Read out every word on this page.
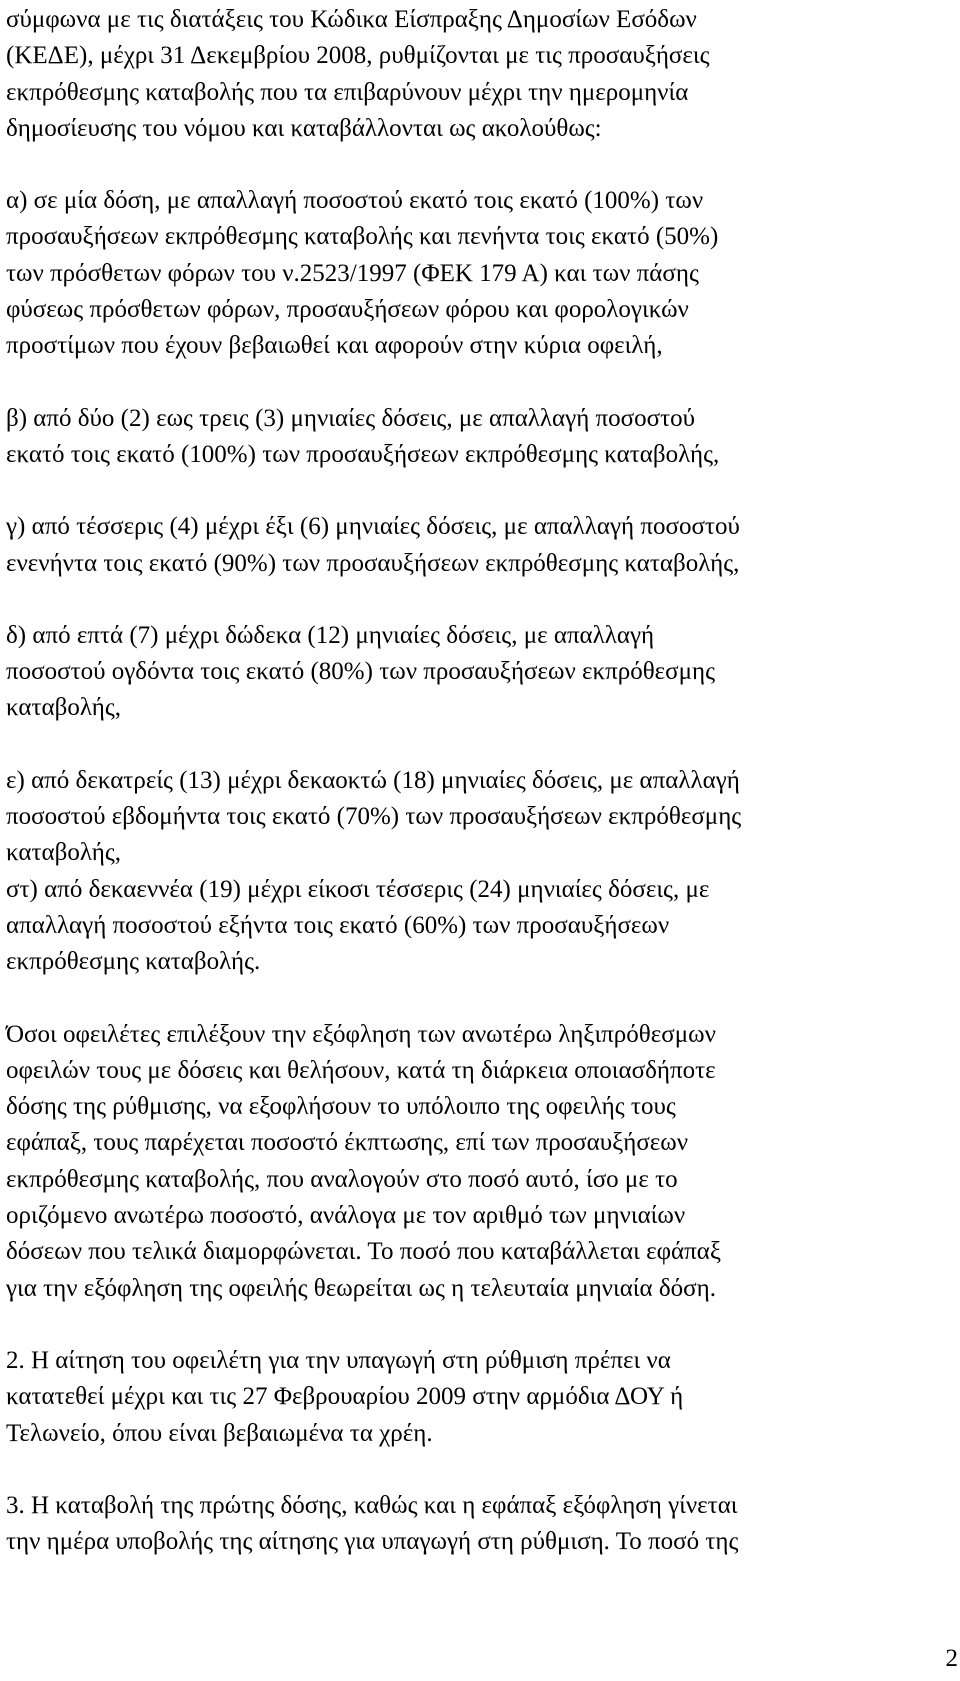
σύμφωνα με τις διατάξεις του Κώδικα Είσπραξης Δημοσίων Εσόδων
(ΚΕΔΕ), μέχρι 31 Δεκεμβρίου 2008, ρυθμίζονται με τις προσαυξήσεις
εκπρόθεσμης καταβολής που τα επιβαρύνουν μέχρι την ημερομηνία
δημοσίευσης του νόμου και καταβάλλονται ως ακολούθως:

α) σε μία δόση, με απαλλαγή ποσοστού εκατό τοις εκατό (100%) των
προσαυξήσεων εκπρόθεσμης καταβολής και πενήντα τοις εκατό (50%)
των πρόσθετων φόρων του ν.2523/1997 (ΦΕΚ 179 Α) και των πάσης
φύσεως πρόσθετων φόρων, προσαυξήσεων φόρου και φορολογικών
προστίμων που έχουν βεβαιωθεί και αφορούν στην κύρια οφειλή,

β) από δύο (2) εως τρεις (3) μηνιαίες δόσεις, με απαλλαγή ποσοστού
εκατό τοις εκατό (100%) των προσαυξήσεων εκπρόθεσμης καταβολής,

γ) από τέσσερις (4) μέχρι έξι (6) μηνιαίες δόσεις, με απαλλαγή ποσοστού
ενενήντα τοις εκατό (90%) των προσαυξήσεων εκπρόθεσμης καταβολής,

δ) από επτά (7) μέχρι δώδεκα (12) μηνιαίες δόσεις, με απαλλαγή
ποσοστού ογδόντα τοις εκατό (80%) των προσαυξήσεων εκπρόθεσμης
καταβολής,

ε) από δεκατρείς (13) μέχρι δεκαοκτώ (18) μηνιαίες δόσεις, με απαλλαγή
ποσοστού εβδομήντα τοις εκατό (70%) των προσαυξήσεων εκπρόθεσμης
καταβολής,

στ) από δεκαεννέα (19) μέχρι είκοσι τέσσερις (24) μηνιαίες δόσεις, με
απαλλαγή ποσοστού εξήντα τοις εκατό (60%) των προσαυξήσεων
εκπρόθεσμης καταβολής.

Όσοι οφειλέτες επιλέξουν την εξόφληση των ανωτέρω ληξιπρόθεσμων
οφειλών τους με δόσεις και θελήσουν, κατά τη διάρκεια οποιασδήποτε
δόσης της ρύθμισης, να εξοφλήσουν το υπόλοιπο της οφειλής τους
εφάπαξ, τους παρέχεται ποσοστό έκπτωσης, επί των προσαυξήσεων
εκπρόθεσμης καταβολής, που αναλογούν στο ποσό αυτό, ίσο με το
οριζόμενο ανωτέρω ποσοστό, ανάλογα με τον αριθμό των μηνιαίων
δόσεων που τελικά διαμορφώνεται. Το ποσό που καταβάλλεται εφάπαξ
για την εξόφληση της οφειλής θεωρείται ως η τελευταία μηνιαία δόση.

2. Η αίτηση του οφειλέτη για την υπαγωγή στη ρύθμιση πρέπει να
κατατεθεί μέχρι και τις 27 Φεβρουαρίου 2009 στην αρμόδια ΔΟΥ ή
Τελωνείο, όπου είναι βεβαιωμένα τα χρέη.

3. Η καταβολή της πρώτης δόσης, καθώς και η εφάπαξ εξόφληση γίνεται
την ημέρα υποβολής της αίτησης για υπαγωγή στη ρύθμιση. Το ποσό της

2
